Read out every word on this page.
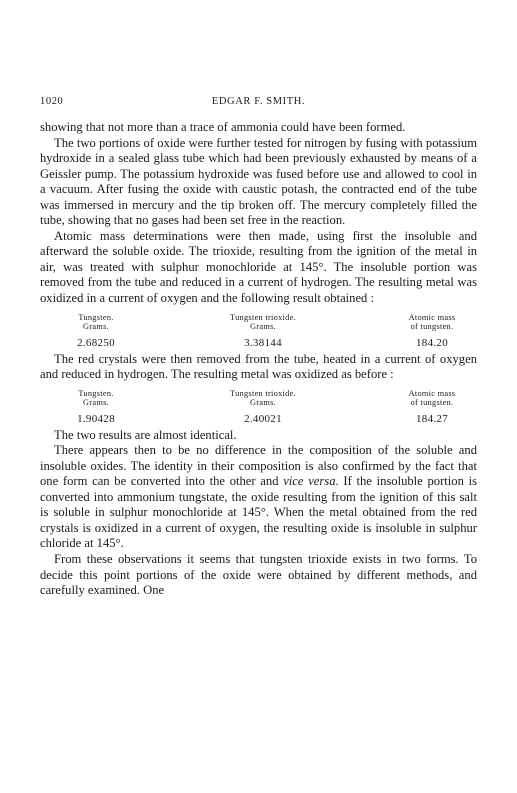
1020	EDGAR F. SMITH.

showing that not more than a trace of ammonia could have been formed.

The two portions of oxide were further tested for nitrogen by fusing with potassium hydroxide in a sealed glass tube which had been previously exhausted by means of a Geissler pump. The potassium hydroxide was fused before use and allowed to cool in a vacuum. After fusing the oxide with caustic potash, the contracted end of the tube was immersed in mercury and the tip broken off. The mercury completely filled the tube, showing that no gases had been set free in the reaction.

Atomic mass determinations were then made, using first the insoluble and afterward the soluble oxide. The trioxide, resulting from the ignition of the metal in air, was treated with sulphur monochloride at 145°. The insoluble portion was removed from the tube and reduced in a current of hydrogen. The resulting metal was oxidized in a current of oxygen and the following result obtained :

Tungsten.
Grams.
2.68250
Tungsten trioxide.
Grams.
3.38144
Atomic mass
of tungsten.
184.20

The red crystals were then removed from the tube, heated in a current of oxygen and reduced in hydrogen. The resulting metal was oxidized as before :

Tungsten.
Grams.
1.90428
Tungsten trioxide.
Grams.
2.40021
Atomic mass
of tungsten.
184.27

The two results are almost identical.

There appears then to be no difference in the composition of the soluble and insoluble oxides. The identity in their composition is also confirmed by the fact that one form can be converted into the other and vice versa. If the insoluble portion is converted into ammonium tungstate, the oxide resulting from the ignition of this salt is soluble in sulphur monochloride at 145°. When the metal obtained from the red crystals is oxidized in a current of oxygen, the resulting oxide is insoluble in sulphur chloride at 145°.

From these observations it seems that tungsten trioxide exists in two forms. To decide this point portions of the oxide were obtained by different methods, and carefully examined. One
